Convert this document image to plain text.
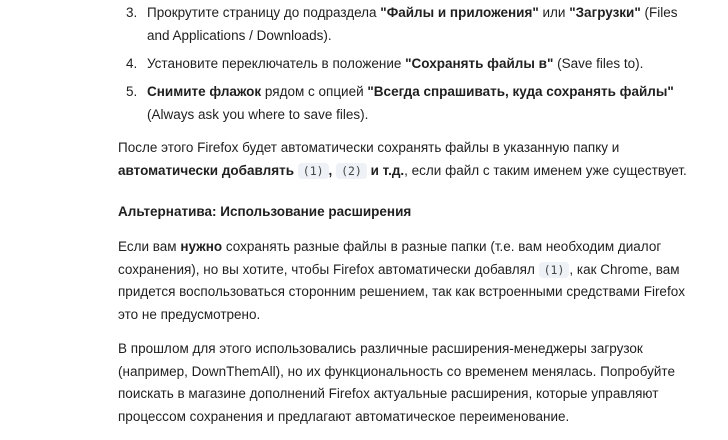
3. Прокрутите страницу до подраздела "Файлы и приложения" или "Загрузки" (Files and Applications / Downloads).
4. Установите переключатель в положение "Сохранять файлы в" (Save files to).
5. Снимите флажок рядом с опцией "Всегда спрашивать, куда сохранять файлы" (Always ask you where to save files).

После этого Firefox будет автоматически сохранять файлы в указанную папку и автоматически добавлять (1) , (2) и т.д., если файл с таким именем уже существует.

Альтернатива: Использование расширения

Если вам нужно сохранять разные файлы в разные папки (т.е. вам необходим диалог сохранения), но вы хотите, чтобы Firefox автоматически добавлял (1) , как Chrome, вам придется воспользоваться сторонним решением, так как встроенными средствами Firefox это не предусмотрено.

В прошлом для этого использовались различные расширения-менеджеры загрузок (например, DownThemAll), но их функциональность со временем менялась. Попробуйте поискать в магазине дополнений Firefox актуальные расширения, которые управляют процессом сохранения и предлагают автоматическое переименование.
